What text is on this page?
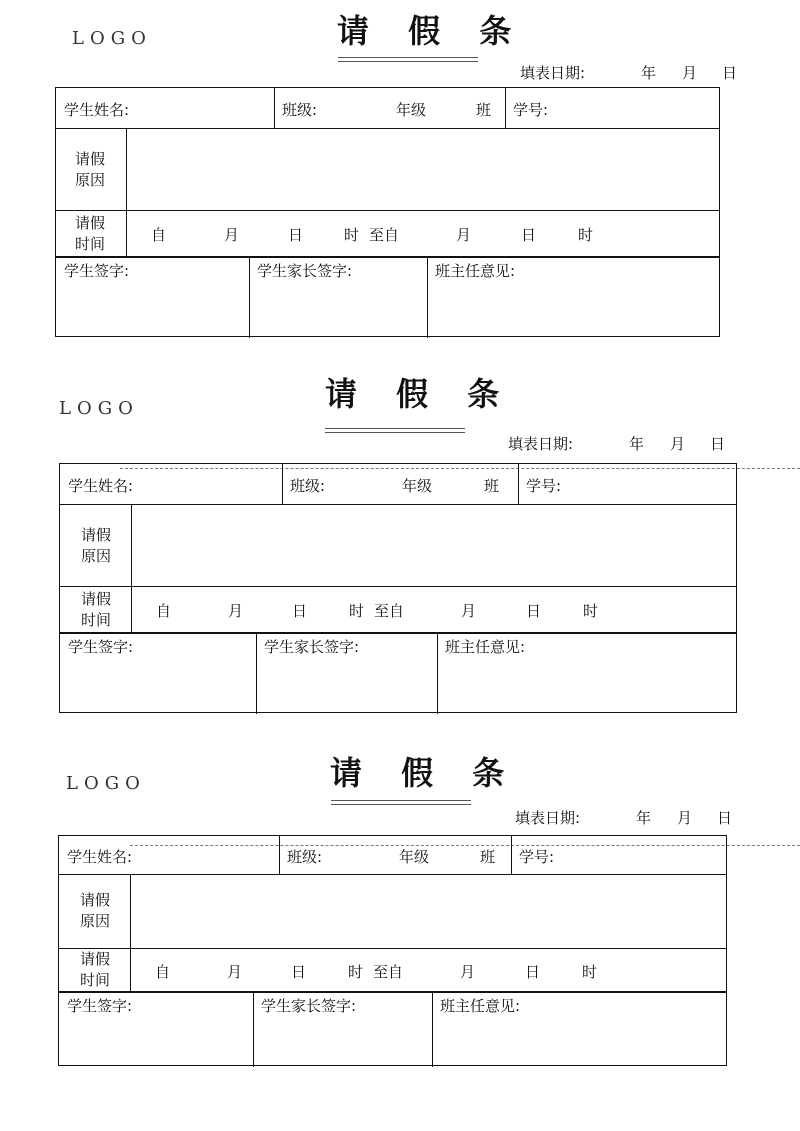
LOGO	请 假 条
填表日期:	年 月 日
学生姓名:	班级:	年级	班 学号:
请假
原因
请假
时间	自	月	日	时 至自	月	日	时
学生签字:	学生家长签字:	班主任意见:
LOGO	请 假 条
填表日期:	年 月 日
学生姓名:	班级:	年级	班 学号:
请假
原因
请假
时间	自	月	日	时 至自	月	日	时
学生签字:	学生家长签字:	班主任意见:
LOGO	请 假 条
填表日期:	年 月 日
学生姓名:	班级:	年级	班 学号:
请假
原因
请假
时间	自	月	日	时 至自	月	日	时
学生签字:	学生家长签字:	班主任意见:
